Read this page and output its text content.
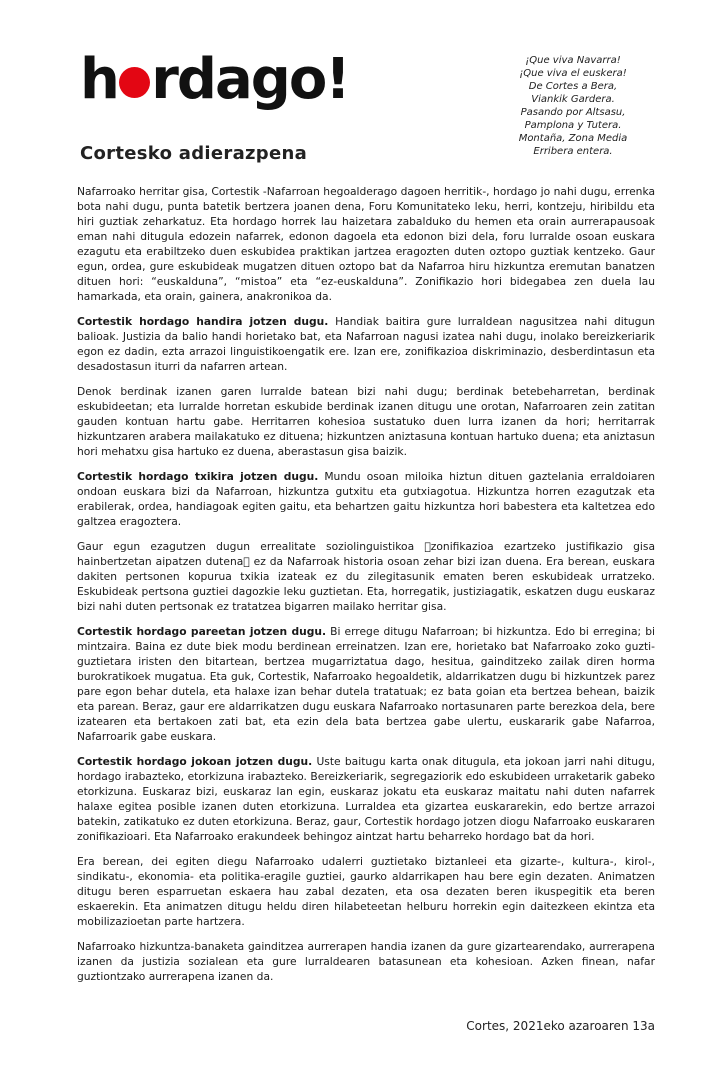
h rdago!
Cortesko adierazpena
¡Que viva Navarra!
¡Que viva el euskera!
De Cortes a Bera,
Viankik Gardera.
Pasando por Altsasu,
Pamplona y Tutera.
Montaña, Zona Media
Erribera entera.

Nafarroako herritar gisa, Cortestik -Nafarroan hegoalderago dagoen herritik-, hordago jo nahi dugu, errenka bota nahi dugu, punta batetik bertzera joanen dena, Foru Komunitateko leku, herri, kontzeju, hiribildu eta hiri guztiak zeharkatuz. Eta hordago horrek lau haizetara zabalduko du hemen eta orain aurrerapausoak eman nahi ditugula edozein nafarrek, edonon dagoela eta edonon bizi dela, foru lurralde osoan euskara ezagutu eta erabiltzeko duen eskubidea praktikan jartzea eragozten duten oztopo guztiak kentzeko. Gaur egun, ordea, gure eskubideak mugatzen dituen oztopo bat da Nafarroa hiru hizkuntza eremutan banatzen dituen hori: “euskalduna”, “mistoa” eta “ez-euskalduna”. Zonifikazio hori bidegabea zen duela lau hamarkada, eta orain, gainera, anakronikoa da.

Cortestik hordago handira jotzen dugu. Handiak baitira gure lurraldean nagusitzea nahi ditugun balioak. Justizia da balio handi horietako bat, eta Nafarroan nagusi izatea nahi dugu, inolako bereizkeriarik egon ez dadin, ezta arrazoi linguistikoengatik ere. Izan ere, zonifikazioa diskriminazio, desberdintasun eta desadostasun iturri da nafarren artean.

Denok berdinak izanen garen lurralde batean bizi nahi dugu; berdinak betebeharretan, berdinak eskubideetan; eta lurralde horretan eskubide berdinak izanen ditugu une orotan, Nafarroaren zein zatitan gauden kontuan hartu gabe. Herritarren kohesioa sustatuko duen lurra izanen da hori; herritarrak hizkuntzaren arabera mailakatuko ez dituena; hizkuntzen aniztasuna kontuan hartuko duena; eta aniztasun hori mehatxu gisa hartuko ez duena, aberastasun gisa baizik.

Cortestik hordago txikira jotzen dugu. Mundu osoan miloika hiztun dituen gaztelania erraldoiaren ondoan euskara bizi da Nafarroan, hizkuntza gutxitu eta gutxiagotua. Hizkuntza horren ezagutzak eta erabilerak, ordea, handiagoak egiten gaitu, eta behartzen gaitu hizkuntza hori babestera eta kaltetzea edo galtzea eragoztera.

Gaur egun ezagutzen dugun errealitate soziolinguistikoa  zonifikazioa ezartzeko justifikazio gisa hainbertzetan aipatzen dutena  ez da Nafarroak historia osoan zehar bizi izan duena. Era berean, euskara dakiten pertsonen kopurua txikia izateak ez du zilegitasunik ematen beren eskubideak urratzeko. Eskubideak pertsona guztiei dagozkie leku guztietan. Eta, horregatik, justiziagatik, eskatzen dugu euskaraz bizi nahi duten pertsonak ez tratatzea bigarren mailako herritar gisa.

Cortestik hordago pareetan jotzen dugu. Bi errege ditugu Nafarroan; bi hizkuntza. Edo bi erregina; bi mintzaira. Baina ez dute biek modu berdinean erreinatzen. Izan ere, horietako bat Nafarroako zoko guzti-guztietara iristen den bitartean, bertzea mugarriztatua dago, hesitua, gainditzeko zailak diren horma burokratikoek mugatua. Eta guk, Cortestik, Nafarroako hegoaldetik, aldarrikatzen dugu bi hizkuntzek parez pare egon behar dutela, eta halaxe izan behar dutela tratatuak; ez bata goian eta bertzea behean, baizik eta parean. Beraz, gaur ere aldarrikatzen dugu euskara Nafarroako nortasunaren parte berezkoa dela, bere izatearen eta bertakoen zati bat, eta ezin dela bata bertzea gabe ulertu, euskararik gabe Nafarroa, Nafarroarik gabe euskara.

Cortestik hordago jokoan jotzen dugu. Uste baitugu karta onak ditugula, eta jokoan jarri nahi ditugu, hordago irabazteko, etorkizuna irabazteko. Bereizkeriarik, segregaziorik edo eskubideen urraketarik gabeko etorkizuna. Euskaraz bizi, euskaraz lan egin, euskaraz jokatu eta euskaraz maitatu nahi duten nafarrek halaxe egitea posible izanen duten etorkizuna. Lurraldea eta gizartea euskararekin, edo bertze arrazoi batekin, zatikatuko ez duten etorkizuna. Beraz, gaur, Cortestik hordago jotzen diogu Nafarroako euskararen zonifikazioari. Eta Nafarroako erakundeek behingoz aintzat hartu beharreko hordago bat da hori.

Era berean, dei egiten diegu Nafarroako udalerri guztietako biztanleei eta gizarte-, kultura-, kirol-, sindikatu-, ekonomia- eta politika-eragile guztiei, gaurko aldarrikapen hau bere egin dezaten. Animatzen ditugu beren esparruetan eskaera hau zabal dezaten, eta osa dezaten beren ikuspegitik eta beren eskaerekin. Eta animatzen ditugu heldu diren hilabeteetan helburu horrekin egin daitezkeen ekintza eta mobilizazioetan parte hartzera.

Nafarroako hizkuntza-banaketa gainditzea aurrerapen handia izanen da gure gizartearendako, aurrerapena izanen da justizia sozialean eta gure lurraldearen batasunean eta kohesioan. Azken finean, nafar guztiontzako aurrerapena izanen da.

Cortes, 2021eko azaroaren 13a
